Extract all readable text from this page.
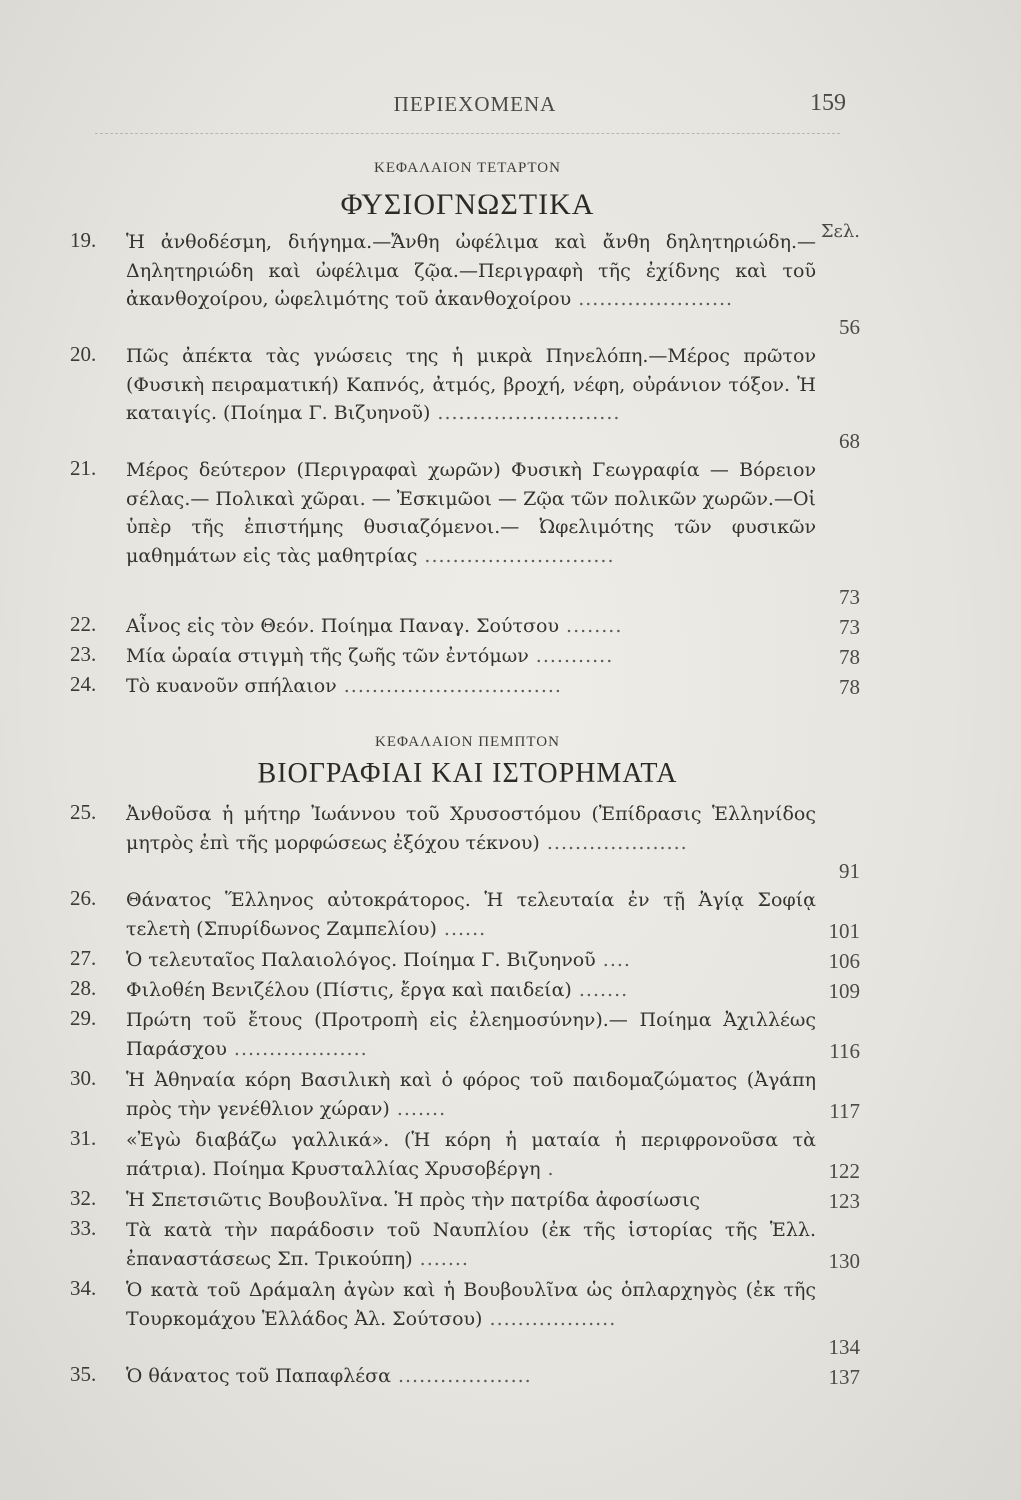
ΠΕΡΙΕΧΟΜΕΝΑ	159
ΚΕΦΑΛΑΙΟΝ ΤΕΤΑΡΤΟΝ
ΦΥΣΙΟΓΝΩΣΤΙΚΑ
Σελ.
19.	Ἡ ἀνθοδέσμη, διήγημα.—Ἄνθη ὠφέλιμα καὶ ἄνθη δηλητηριώδη.—Δηλητηριώδη καὶ ὠφέλιμα ζῷα.—Περιγραφὴ τῆς ἐχίδνης καὶ τοῦ ἀκανθοχοίρου, ὠφελιμότης τοῦ ἀκανθοχοίρου ......................
56
20.	Πῶς ἀπέκτα τὰς γνώσεις της ἡ μικρὰ Πηνελόπη.—Μέρος πρῶτον (Φυσικὴ πειραματική) Καπνός, ἀτμός, βροχή, νέφη, οὐράνιον τόξον. Ἡ καταιγίς. (Ποίημα Γ. Βιζυηνοῦ) ..........................
68
21.	Μέρος δεύτερον (Περιγραφαὶ χωρῶν) Φυσικὴ Γεωγραφία — Βόρειον σέλας.— Πολικαὶ χῶραι. — Ἐσκιμῶοι — Ζῷα τῶν πολικῶν χωρῶν.—Οἱ ὑπὲρ τῆς ἐπιστήμης θυσιαζόμενοι.— Ὠφελιμότης τῶν φυσικῶν μαθημάτων εἰς τὰς μαθητρίας ...........................
73
22.	Αἶνος εἰς τὸν Θεόν. Ποίημα Παναγ. Σούτσου ........	73
23.	Μία ὡραία στιγμὴ τῆς ζωῆς τῶν ἐντόμων ...........	78
24.	Τὸ κυανοῦν σπήλαιον ...............................	78
ΚΕΦΑΛΑΙΟΝ ΠΕΜΠΤΟΝ
ΒΙΟΓΡΑΦΙΑΙ ΚΑΙ ΙΣΤΟΡΗΜΑΤΑ
25.	Ἀνθοῦσα ἡ μήτηρ Ἰωάννου τοῦ Χρυσοστόμου (Ἐπίδρασις Ἑλληνίδος μητρὸς ἐπὶ τῆς μορφώσεως ἐξόχου τέκνου) ....................
91
26.	Θάνατος Ἕλληνος αὐτοκράτορος. Ἡ τελευταία ἐν τῇ Ἁγίᾳ Σοφίᾳ τελετὴ (Σπυρίδωνος Ζαμπελίου) ......	101
27.	Ὁ τελευταῖος Παλαιολόγος. Ποίημα Γ. Βιζυηνοῦ ....	106
28.	Φιλοθέη Βενιζέλου (Πίστις, ἔργα καὶ παιδεία) .......	109
29.	Πρώτη τοῦ ἔτους (Προτροπὴ εἰς ἐλεημοσύνην).— Ποίημα Ἀχιλλέως Παράσχου ...................	116
30.	Ἡ Ἀθηναία κόρη Βασιλικὴ καὶ ὁ φόρος τοῦ παιδομαζώματος (Ἀγάπη πρὸς τὴν γενέθλιον χώραν) .......	117
31.	«Ἐγὼ διαβάζω γαλλικά». (Ἡ κόρη ἡ ματαία ἡ περιφρονοῦσα τὰ πάτρια). Ποίημα Κρυσταλλίας Χρυσοβέργη .	122
32.	Ἡ Σπετσιῶτις Βουβουλῖνα. Ἡ πρὸς τὴν πατρίδα ἀφοσίωσις	123
33.	Τὰ κατὰ τὴν παράδοσιν τοῦ Ναυπλίου (ἐκ τῆς ἱστορίας τῆς Ἑλλ. ἐπαναστάσεως Σπ. Τρικούπη) .......	130
34.	Ὁ κατὰ τοῦ Δράμαλη ἀγὼν καὶ ἡ Βουβουλῖνα ὡς ὁπλαρχηγὸς (ἐκ τῆς Τουρκομάχου Ἑλλάδος Ἀλ. Σούτσου) ..................
134
35.	Ὁ θάνατος τοῦ Παπαφλέσα ...................	137
